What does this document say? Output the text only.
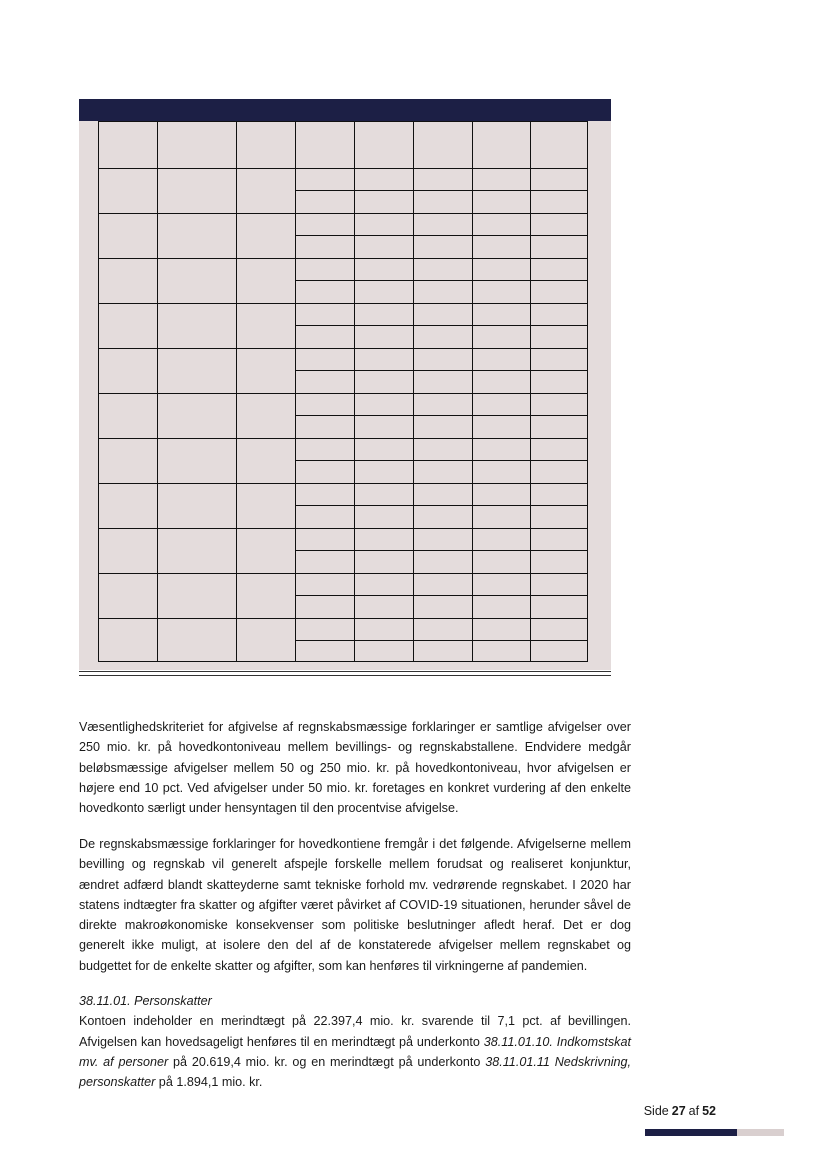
Væsentlighedskriteriet for afgivelse af regnskabsmæssige forklaringer er samtlige afvigelser over 250 mio. kr. på hovedkontoniveau mellem bevillings- og regnskabstallene. Endvidere medgår beløbsmæssige afvigelser mellem 50 og 250 mio. kr. på hovedkontoniveau, hvor afvigelsen er højere end 10 pct. Ved afvigelser under 50 mio. kr. foretages en konkret vurdering af den enkelte hovedkonto særligt under hensyntagen til den procentvise afvigelse.

De regnskabsmæssige forklaringer for hovedkontiene fremgår i det følgende. Afvigelserne mellem bevilling og regnskab vil generelt afspejle forskelle mellem forudsat og realiseret konjunktur, ændret adfærd blandt skatteyderne samt tekniske forhold mv. vedrørende regnskabet. I 2020 har statens indtægter fra skatter og afgifter været påvirket af COVID-19 situationen, herunder såvel de direkte makroøkonomiske konsekvenser som politiske beslutninger afledt heraf. Det er dog generelt ikke muligt, at isolere den del af de konstaterede afvigelser mellem regnskabet og budgettet for de enkelte skatter og afgifter, som kan henføres til virkningerne af pandemien.

38.11.01. Personskatter

Kontoen indeholder en merindtægt på 22.397,4 mio. kr. svarende til 7,1 pct. af bevillingen. Afvigelsen kan hovedsageligt henføres til en merindtægt på underkonto 38.11.01.10. Indkomstskat mv. af personer på 20.619,4 mio. kr. og en merindtægt på underkonto 38.11.01.11 Nedskrivning, personskatter på 1.894,1 mio. kr.

Side 27 af 52
